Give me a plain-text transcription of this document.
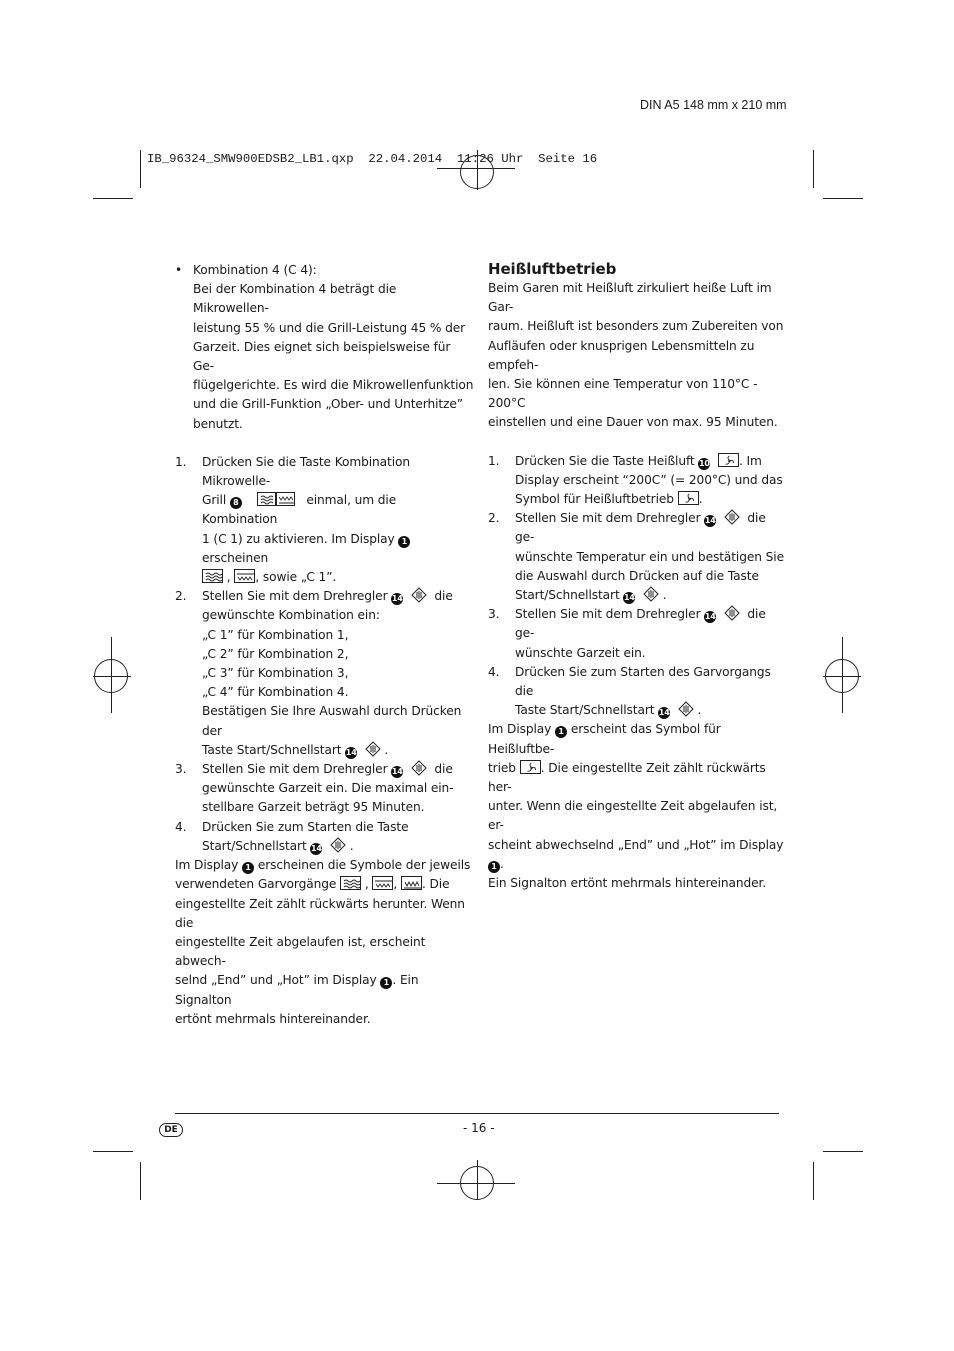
DIN A5 148 mm x 210 mm
IB_96324_SMW900EDSB2_LB1.qxp  22.04.2014  11:26 Uhr  Seite 16
• Kombination 4 (C 4):
Bei der Kombination 4 beträgt die Mikrowellen-
leistung 55 % und die Grill-Leistung 45 % der
Garzeit. Dies eignet sich beispielsweise für Ge-
flügelgerichte. Es wird die Mikrowellenfunktion
und die Grill-Funktion „Ober- und Unterhitze”
benutzt.
1. Drücken Sie die Taste Kombination Mikrowelle-
Grill 8	einmal, um die Kombination
1 (C 1) zu aktivieren. Im Display 1 erscheinen
,
, sowie „C 1”.
2. Stellen Sie mit dem Drehregler 14	die
gewünschte Kombination ein:
„C 1” für Kombination 1,
„C 2” für Kombination 2,
„C 3” für Kombination 3,
„C 4” für Kombination 4.
Bestätigen Sie Ihre Auswahl durch Drücken der
Taste Start/Schnellstart 14   .
3. Stellen Sie mit dem Drehregler 14	die
gewünschte Garzeit ein. Die maximal ein-
stellbare Garzeit beträgt 95 Minuten.
4. Drücken Sie zum Starten die Taste
Start/Schnellstart 14   .

Im Display 1 erscheinen die Symbole der jeweils
verwendeten Garvorgänge
,
,
. Die
eingestellte Zeit zählt rückwärts herunter. Wenn die
eingestellte Zeit abgelaufen ist, erscheint abwech-
selnd „End” und „Hot” im Display 1 . Ein Signalton
ertönt mehrmals hintereinander.

Heißluftbetrieb

Beim Garen mit Heißluft zirkuliert heiße Luft im Gar-
raum. Heißluft ist besonders zum Zubereiten von
Aufläufen oder knusprigen Lebensmitteln zu empfeh-
len. Sie können eine Temperatur von 110°C - 200°C
einstellen und eine Dauer von max. 95 Minuten.

1. Drücken Sie die Taste Heißluft 10 . Im
Display erscheint “200C” (= 200°C) und das
Symbol für Heißluftbetrieb .
2. Stellen Sie mit dem Drehregler 14	die ge-
wünschte Temperatur ein und bestätigen Sie
die Auswahl durch Drücken auf die Taste
Start/Schnellstart 14   .
3. Stellen Sie mit dem Drehregler 14	die ge-
wünschte Garzeit ein.
4. Drücken Sie zum Starten des Garvorgangs die
Taste Start/Schnellstart 14   .

Im Display 1 erscheint das Symbol für Heißluftbe-
trieb . Die eingestellte Zeit zählt rückwärts her-
unter. Wenn die eingestellte Zeit abgelaufen ist, er-
scheint abwechselnd „End” und „Hot” im Display 1 .
Ein Signalton ertönt mehrmals hintereinander.

DE	- 16 -
